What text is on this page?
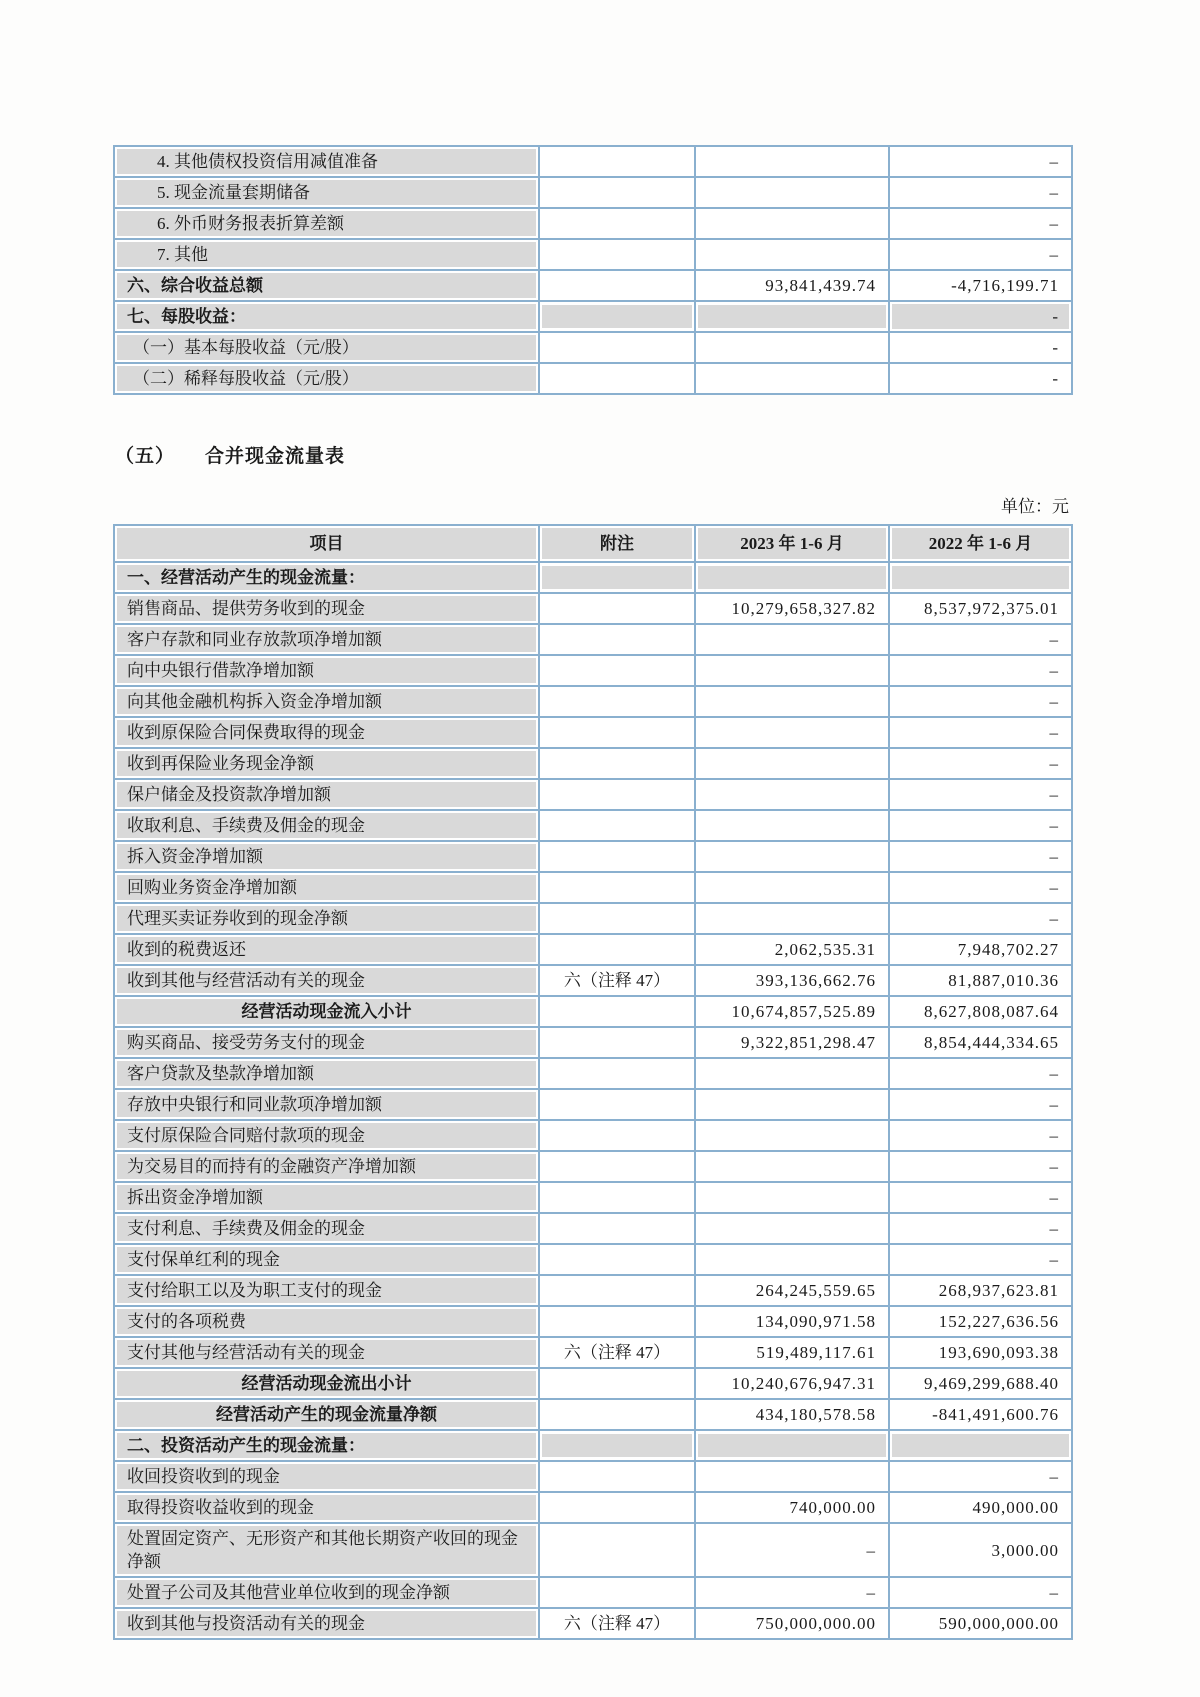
4. 其他债权投资信用减值准备			–

5. 现金流量套期储备			–

6. 外币财务报表折算差额			–

7. 其他			–

六、综合收益总额		93,841,439.74	-4,716,199.71

七、每股收益：			-

（一）基本每股收益（元/股）			-

（二）稀释每股收益（元/股）			-
（五） 合并现金流量表
单位：元
项目	附注	2023 年 1-6 月	2022 年 1-6 月

一、经营活动产生的现金流量：			

销售商品、提供劳务收到的现金		10,279,658,327.82	8,537,972,375.01

客户存款和同业存放款项净增加额			–

向中央银行借款净增加额			–

向其他金融机构拆入资金净增加额			–

收到原保险合同保费取得的现金			–

收到再保险业务现金净额			–

保户储金及投资款净增加额			–

收取利息、手续费及佣金的现金			–

拆入资金净增加额			–

回购业务资金净增加额			–

代理买卖证券收到的现金净额			–

收到的税费返还		2,062,535.31	7,948,702.27

收到其他与经营活动有关的现金	六（注释 47）	393,136,662.76	81,887,010.36

经营活动现金流入小计		10,674,857,525.89	8,627,808,087.64

购买商品、接受劳务支付的现金		9,322,851,298.47	8,854,444,334.65

客户贷款及垫款净增加额			–

存放中央银行和同业款项净增加额			–

支付原保险合同赔付款项的现金			–

为交易目的而持有的金融资产净增加额			–

拆出资金净增加额			–

支付利息、手续费及佣金的现金			–

支付保单红利的现金			–

支付给职工以及为职工支付的现金		264,245,559.65	268,937,623.81

支付的各项税费		134,090,971.58	152,227,636.56

支付其他与经营活动有关的现金	六（注释 47）	519,489,117.61	193,690,093.38

经营活动现金流出小计		10,240,676,947.31	9,469,299,688.40

经营活动产生的现金流量净额		434,180,578.58	-841,491,600.76

二、投资活动产生的现金流量：			

收回投资收到的现金			–

取得投资收益收到的现金		740,000.00	490,000.00

处置固定资产、无形资产和其他长期资产收回的现金净额		–	3,000.00

处置子公司及其他营业单位收到的现金净额		–	–

收到其他与投资活动有关的现金	六（注释 47）	750,000,000.00	590,000,000.00
